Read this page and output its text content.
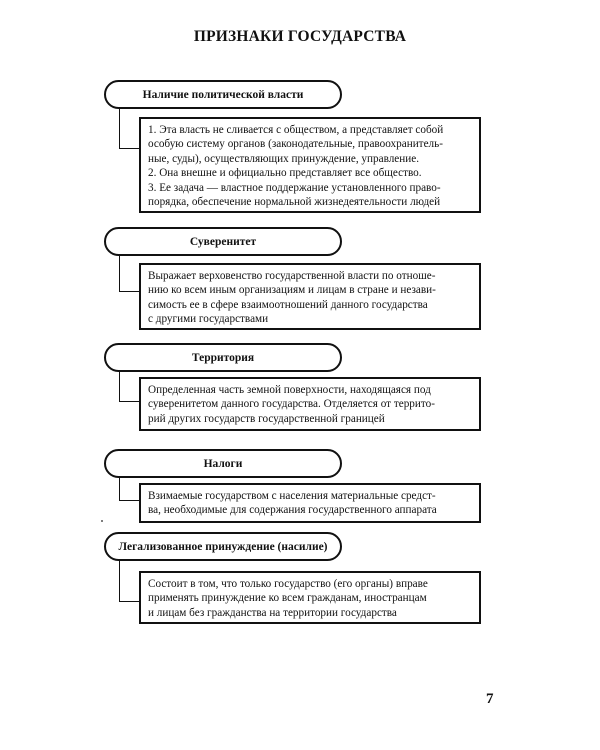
ПРИЗНАКИ ГОСУДАРСТВА
Наличие политической власти
1. Эта власть не сливается с обществом, а представляет собой
особую систему органов (законодательные, правоохранитель-
ные, суды), осуществляющих принуждение, управление.
2. Она внешне и официально представляет все общество.
3. Ее задача — властное поддержание установленного право-
порядка, обеспечение нормальной жизнедеятельности людей
Суверенитет
Выражает верховенство государственной власти по отноше-
нию ко всем иным организациям и лицам в стране и незави-
симость ее в сфере взаимоотношений данного государства
с другими государствами
Территория
Определенная часть земной поверхности, находящаяся под
суверенитетом данного государства. Отделяется от террито-
рий других государств государственной границей
Налоги
Взимаемые государством с населения материальные средст-
ва, необходимые для содержания государственного аппарата
Легализованное принуждение (насилие)
Состоит в том, что только государство (его органы) вправе
применять принуждение ко всем гражданам, иностранцам
и лицам без гражданства на территории государства
7
